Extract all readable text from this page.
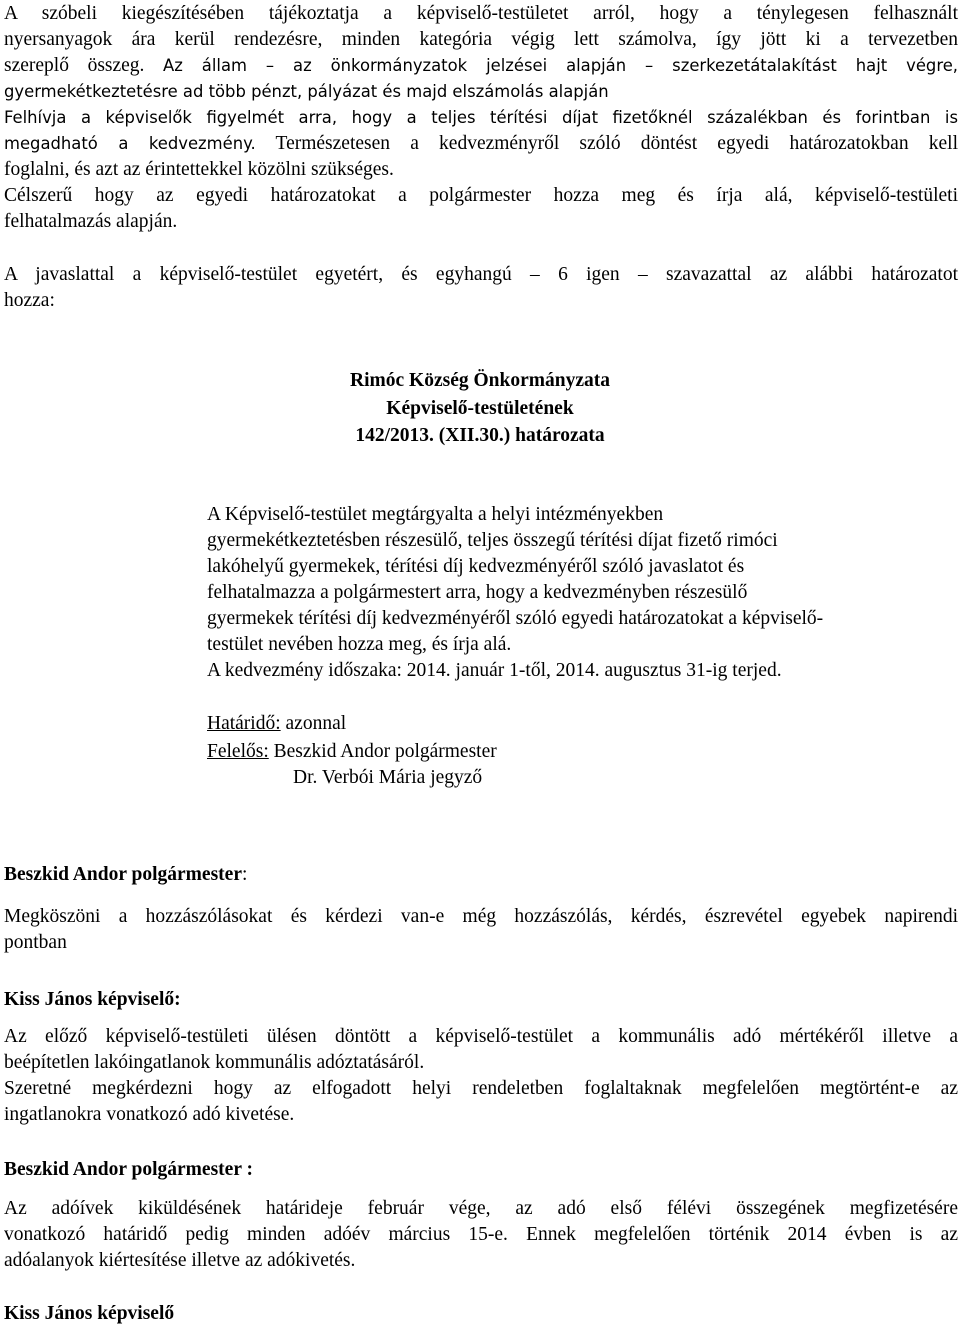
A szóbeli kiegészítésében tájékoztatja a képviselő-testületet arról, hogy a ténylegesen felhasznált
nyersanyagok ára kerül rendezésre, minden kategória végig lett számolva, így jött ki a tervezetben
szereplő összeg. Az állam – az önkormányzatok jelzései alapján – szerkezetátalakítást hajt végre,
gyermekétkeztetésre ad több pénzt, pályázat és majd elszámolás alapján
Felhívja a képviselők figyelmét arra, hogy a teljes térítési díjat fizetőknél százalékban és forintban is
megadható a kedvezmény. Természetesen a kedvezményről szóló döntést egyedi határozatokban kell
foglalni, és azt az érintettekkel közölni szükséges.
Célszerű hogy az egyedi határozatokat a polgármester hozza meg és írja alá, képviselő-testületi
felhatalmazás alapján.
A javaslattal a képviselő-testület egyetért, és egyhangú – 6 igen – szavazattal az alábbi határozatot
hozza:
Rimóc Község Önkormányzata
Képviselő-testületének
142/2013. (XII.30.) határozata
A Képviselő-testület megtárgyalta a helyi intézményekben
gyermekétkeztetésben részesülő, teljes összegű térítési díjat fizető rimóci
lakóhelyű gyermekek, térítési díj kedvezményéről szóló javaslatot és
felhatalmazza a polgármestert arra, hogy a kedvezményben részesülő
gyermekek térítési díj kedvezményéről szóló egyedi határozatokat a képviselő-
testület nevében hozza meg, és írja alá.
A kedvezmény időszaka: 2014. január 1-től, 2014. augusztus 31-ig terjed.
Határidő: azonnal
Felelős: Beszkid Andor polgármester
Dr. Verbói Mária jegyző
Beszkid Andor polgármester:
Megköszöni a hozzászólásokat és kérdezi van-e még hozzászólás, kérdés, észrevétel egyebek napirendi
pontban
Kiss János képviselő:
Az előző képviselő-testületi ülésen döntött a képviselő-testület a kommunális adó mértékéről illetve a
beépítetlen lakóingatlanok kommunális adóztatásáról.
Szeretné megkérdezni hogy az elfogadott helyi rendeletben foglaltaknak megfelelően megtörtént-e az
ingatlanokra vonatkozó adó kivetése.
Beszkid Andor polgármester :
Az adóívek kiküldésének határideje február vége, az adó első félévi összegének megfizetésére
vonatkozó határidő pedig minden adóév március 15-e. Ennek megfelelően történik 2014 évben is az
adóalanyok kiértesítése illetve az adókivetés.
Kiss János képviselő
